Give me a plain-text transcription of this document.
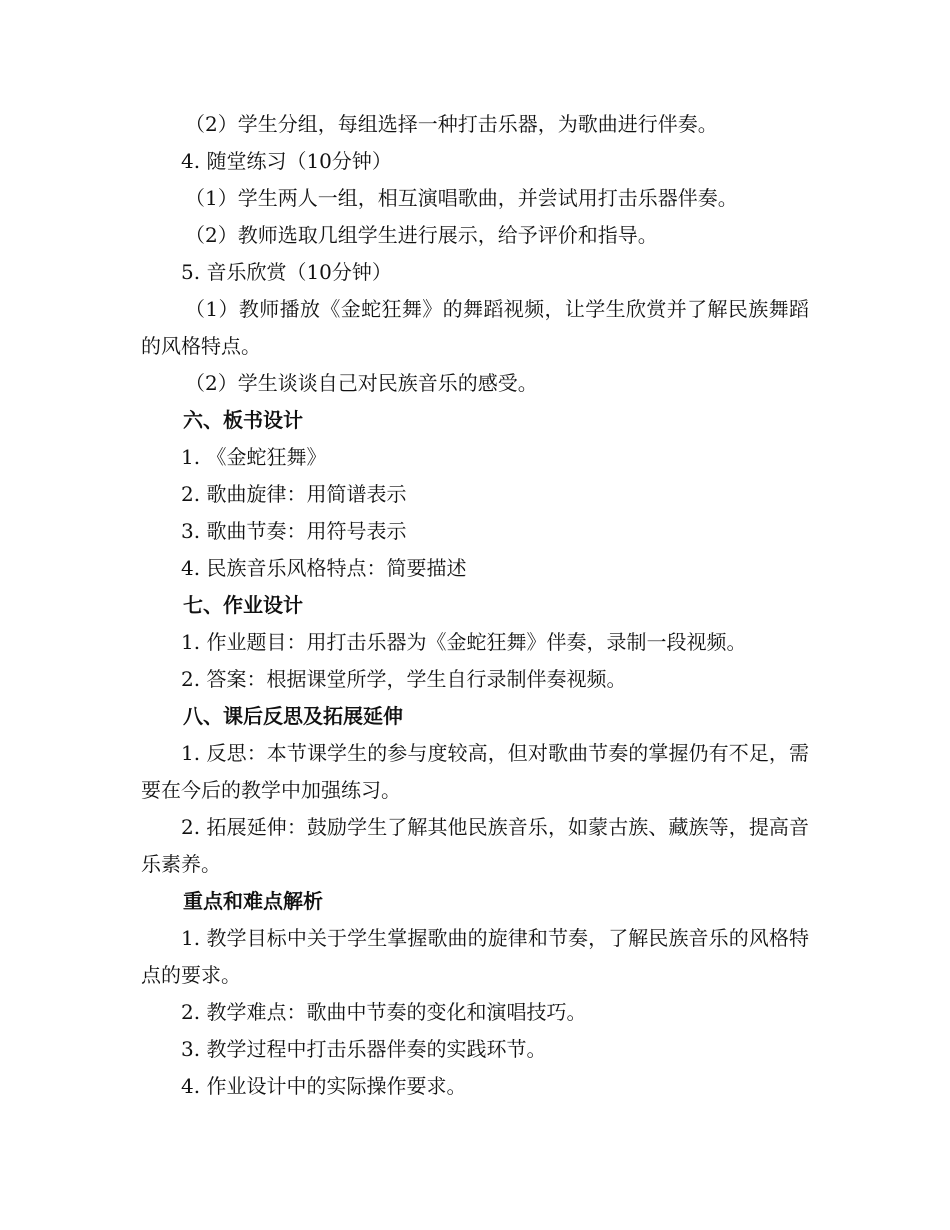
（2）学生分组，每组选择一种打击乐器，为歌曲进行伴奏。

4. 随堂练习（10分钟）

（1）学生两人一组，相互演唱歌曲，并尝试用打击乐器伴奏。

（2）教师选取几组学生进行展示，给予评价和指导。

5. 音乐欣赏（10分钟）

（1）教师播放《金蛇狂舞》的舞蹈视频，让学生欣赏并了解民族舞蹈的风格特点。

（2）学生谈谈自己对民族音乐的感受。

六、板书设计

1. 《金蛇狂舞》

2. 歌曲旋律：用简谱表示

3. 歌曲节奏：用符号表示

4. 民族音乐风格特点：简要描述

七、作业设计

1. 作业题目：用打击乐器为《金蛇狂舞》伴奏，录制一段视频。

2. 答案：根据课堂所学，学生自行录制伴奏视频。

八、课后反思及拓展延伸

1. 反思：本节课学生的参与度较高，但对歌曲节奏的掌握仍有不足，需要在今后的教学中加强练习。

2. 拓展延伸：鼓励学生了解其他民族音乐，如蒙古族、藏族等，提高音乐素养。

重点和难点解析

1. 教学目标中关于学生掌握歌曲的旋律和节奏，了解民族音乐的风格特点的要求。

2. 教学难点：歌曲中节奏的变化和演唱技巧。

3. 教学过程中打击乐器伴奏的实践环节。

4. 作业设计中的实际操作要求。
